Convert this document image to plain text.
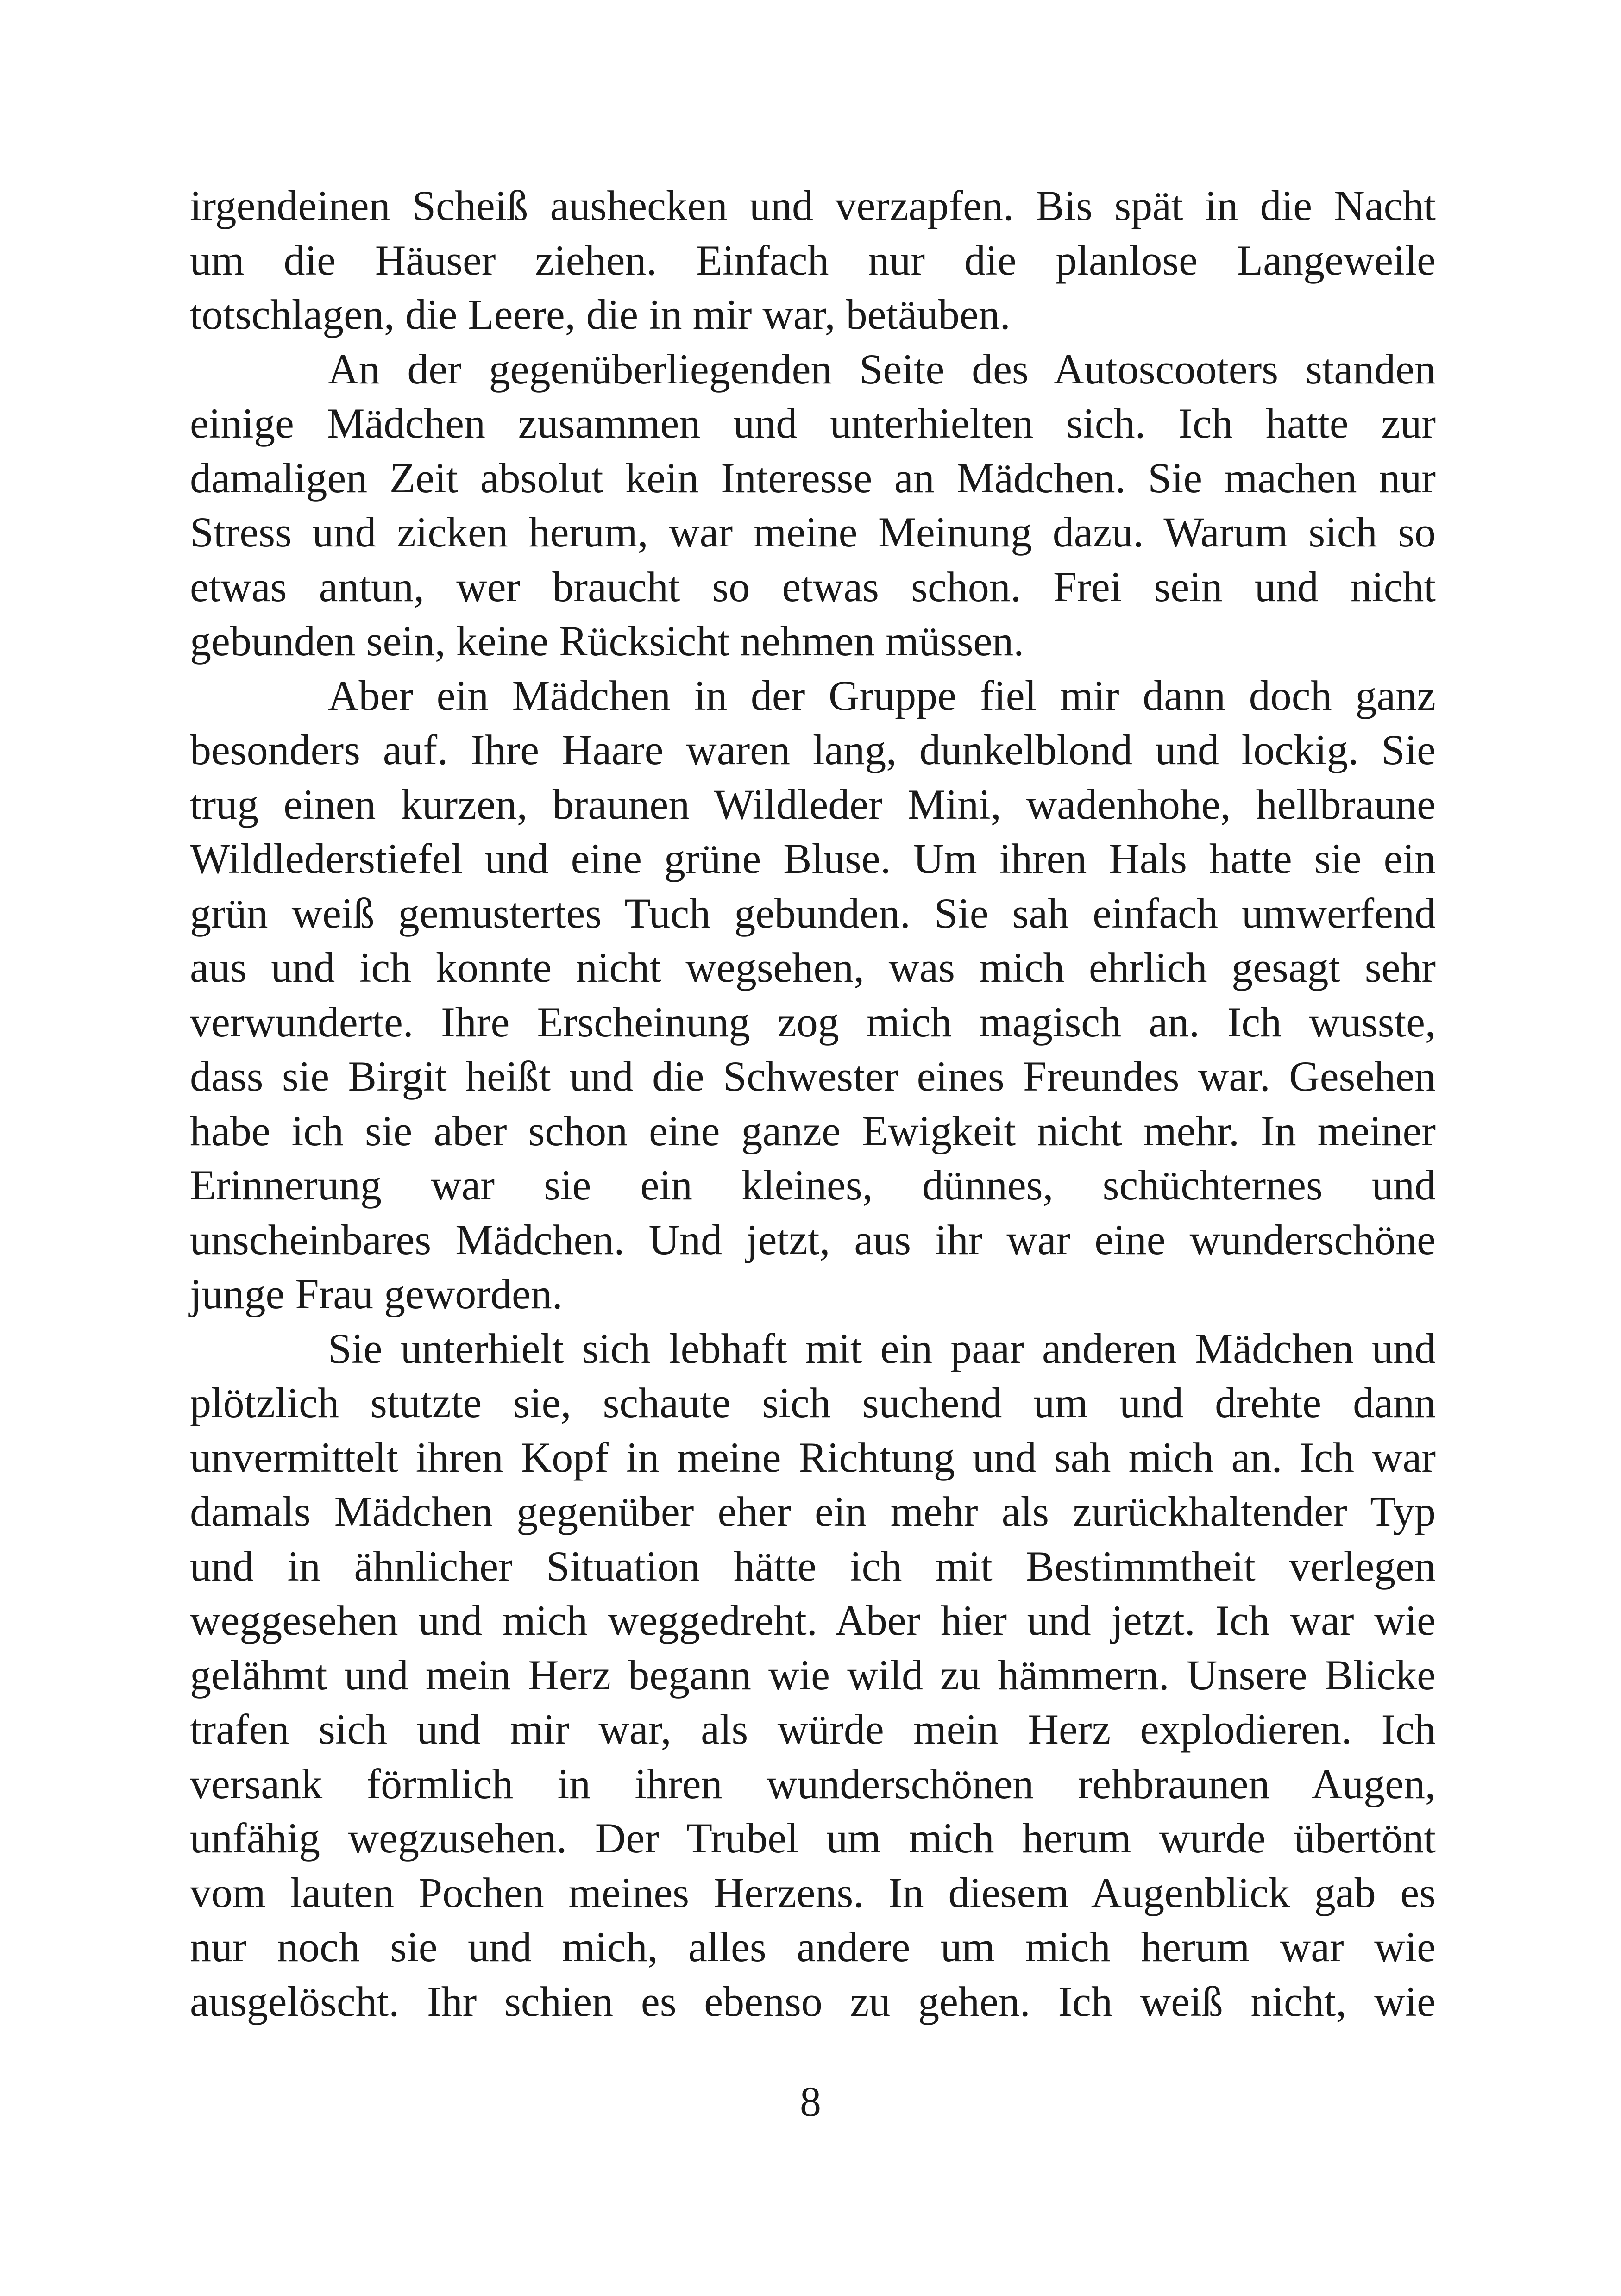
irgendeinen Scheiß aushecken und verzapfen. Bis spät in die Nacht
um die Häuser ziehen. Einfach nur die planlose Langeweile
totschlagen, die Leere, die in mir war, betäuben.
An der gegenüberliegenden Seite des Autoscooters standen
einige Mädchen zusammen und unterhielten sich. Ich hatte zur
damaligen Zeit absolut kein Interesse an Mädchen. Sie machen nur
Stress und zicken herum, war meine Meinung dazu. Warum sich so
etwas antun, wer braucht so etwas schon. Frei sein und nicht
gebunden sein, keine Rücksicht nehmen müssen.
Aber ein Mädchen in der Gruppe fiel mir dann doch ganz
besonders auf. Ihre Haare waren lang, dunkelblond und lockig. Sie
trug einen kurzen, braunen Wildleder Mini, wadenhohe, hellbraune
Wildlederstiefel und eine grüne Bluse. Um ihren Hals hatte sie ein
grün weiß gemustertes Tuch gebunden. Sie sah einfach umwerfend
aus und ich konnte nicht wegsehen, was mich ehrlich gesagt sehr
verwunderte. Ihre Erscheinung zog mich magisch an. Ich wusste,
dass sie Birgit heißt und die Schwester eines Freundes war. Gesehen
habe ich sie aber schon eine ganze Ewigkeit nicht mehr. In meiner
Erinnerung war sie ein kleines, dünnes, schüchternes und
unscheinbares Mädchen. Und jetzt, aus ihr war eine wunderschöne
junge Frau geworden.
Sie unterhielt sich lebhaft mit ein paar anderen Mädchen und
plötzlich stutzte sie, schaute sich suchend um und drehte dann
unvermittelt ihren Kopf in meine Richtung und sah mich an. Ich war
damals Mädchen gegenüber eher ein mehr als zurückhaltender Typ
und in ähnlicher Situation hätte ich mit Bestimmtheit verlegen
weggesehen und mich weggedreht. Aber hier und jetzt. Ich war wie
gelähmt und mein Herz begann wie wild zu hämmern. Unsere Blicke
trafen sich und mir war, als würde mein Herz explodieren. Ich
versank förmlich in ihren wunderschönen rehbraunen Augen,
unfähig wegzusehen. Der Trubel um mich herum wurde übertönt
vom lauten Pochen meines Herzens. In diesem Augenblick gab es
nur noch sie und mich, alles andere um mich herum war wie
ausgelöscht. Ihr schien es ebenso zu gehen. Ich weiß nicht, wie
8
